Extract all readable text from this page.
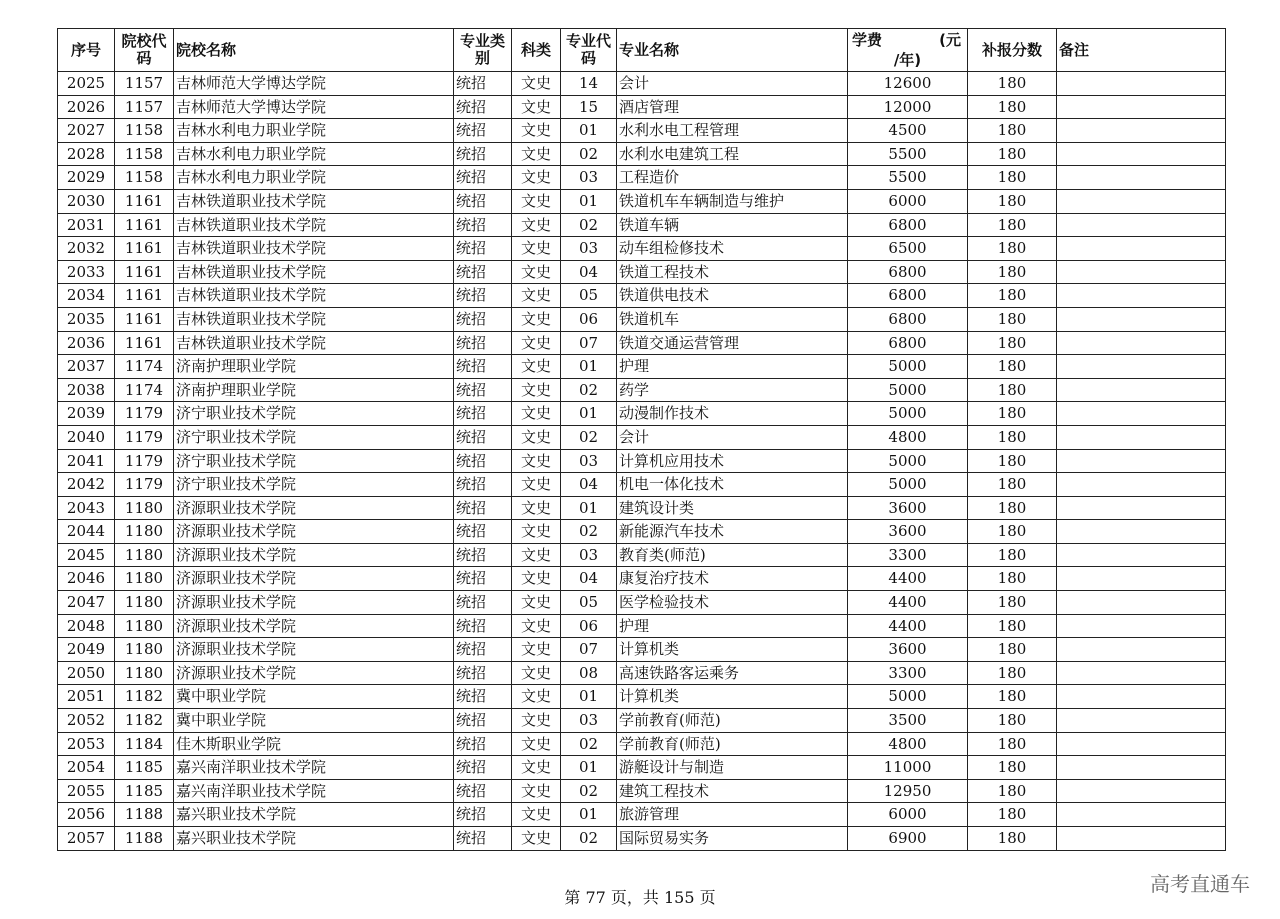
序号	院校代码	院校名称	专业类别	科类	专业代码	专业名称	学费 (元
/年)	补报分数	备注
2025	1157	吉林师范大学博达学院	统招	文史	14	会计	12600	180	
2026	1157	吉林师范大学博达学院	统招	文史	15	酒店管理	12000	180	
2027	1158	吉林水利电力职业学院	统招	文史	01	水利水电工程管理	4500	180	
2028	1158	吉林水利电力职业学院	统招	文史	02	水利水电建筑工程	5500	180	
2029	1158	吉林水利电力职业学院	统招	文史	03	工程造价	5500	180	
2030	1161	吉林铁道职业技术学院	统招	文史	01	铁道机车车辆制造与维护	6000	180	
2031	1161	吉林铁道职业技术学院	统招	文史	02	铁道车辆	6800	180	
2032	1161	吉林铁道职业技术学院	统招	文史	03	动车组检修技术	6500	180	
2033	1161	吉林铁道职业技术学院	统招	文史	04	铁道工程技术	6800	180	
2034	1161	吉林铁道职业技术学院	统招	文史	05	铁道供电技术	6800	180	
2035	1161	吉林铁道职业技术学院	统招	文史	06	铁道机车	6800	180	
2036	1161	吉林铁道职业技术学院	统招	文史	07	铁道交通运营管理	6800	180	
2037	1174	济南护理职业学院	统招	文史	01	护理	5000	180	
2038	1174	济南护理职业学院	统招	文史	02	药学	5000	180	
2039	1179	济宁职业技术学院	统招	文史	01	动漫制作技术	5000	180	
2040	1179	济宁职业技术学院	统招	文史	02	会计	4800	180	
2041	1179	济宁职业技术学院	统招	文史	03	计算机应用技术	5000	180	
2042	1179	济宁职业技术学院	统招	文史	04	机电一体化技术	5000	180	
2043	1180	济源职业技术学院	统招	文史	01	建筑设计类	3600	180	
2044	1180	济源职业技术学院	统招	文史	02	新能源汽车技术	3600	180	
2045	1180	济源职业技术学院	统招	文史	03	教育类(师范)	3300	180	
2046	1180	济源职业技术学院	统招	文史	04	康复治疗技术	4400	180	
2047	1180	济源职业技术学院	统招	文史	05	医学检验技术	4400	180	
2048	1180	济源职业技术学院	统招	文史	06	护理	4400	180	
2049	1180	济源职业技术学院	统招	文史	07	计算机类	3600	180	
2050	1180	济源职业技术学院	统招	文史	08	高速铁路客运乘务	3300	180	
2051	1182	冀中职业学院	统招	文史	01	计算机类	5000	180	
2052	1182	冀中职业学院	统招	文史	03	学前教育(师范)	3500	180	
2053	1184	佳木斯职业学院	统招	文史	02	学前教育(师范)	4800	180	
2054	1185	嘉兴南洋职业技术学院	统招	文史	01	游艇设计与制造	11000	180	
2055	1185	嘉兴南洋职业技术学院	统招	文史	02	建筑工程技术	12950	180	
2056	1188	嘉兴职业技术学院	统招	文史	01	旅游管理	6000	180	
2057	1188	嘉兴职业技术学院	统招	文史	02	国际贸易实务	6900	180	
第 77 页，共 155 页
高考直通车
